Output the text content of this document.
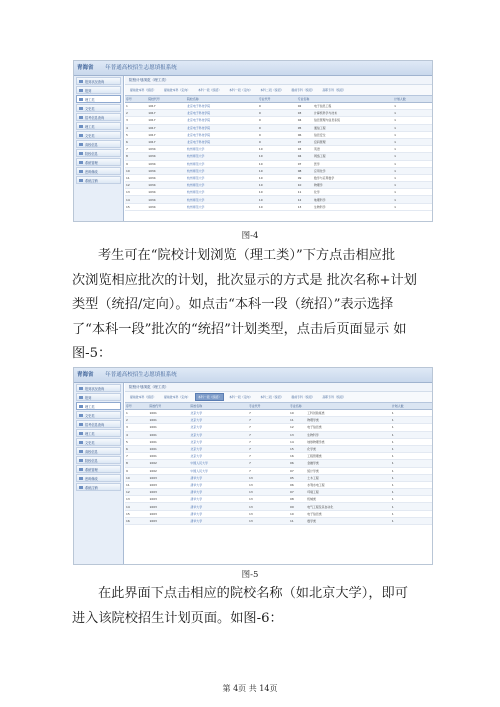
青海省 年普通高校招生志愿填报系统
报到状况查询
报到
理工类
文史类
招考信息查询
理工类
文史类
高校信息
院校信息
系统管理
密码修改
系统注销
院校计划浏览（理工类）
提前批本科（统招）	提前批本科（定向）	本科一段（统招）	本科一段（定向）	本科二段（统招）	提前专科（统招）	高职专科（统招）
序号	院校代号	院校名称	专业代号	专业名称		计划人数
1	1017	北京电子科技学院	9	02	电子信息工程	1
2	1017	北京电子科技学院	9	03	计算机科学与技术	1
3	1017	北京电子科技学院	9	04	信息管理与信息系统	1
4	1017	北京电子科技学院	9	05	通信工程	1
5	1017	北京电子科技学院	9	06	信息安全	1
6	1017	北京电子科技学院	9	07	密码管理	1
7	1034	杭州师范大学	10	03	英语	1
8	1034	杭州师范大学	10	04	网络工程	1
9	1034	杭州师范大学	10	07	医学	1
10	1034	杭州师范大学	10	08	应用化学	1
11	1034	杭州师范大学	10	09	数学与应用数学	1
12	1034	杭州师范大学	10	10	物理学	1
13	1034	杭州师范大学	10	11	化学	1
14	1034	杭州师范大学	10	12	地理科学	1
15	1034	杭州师范大学	10	13	生物科学	1
图-4
考生可在“院校计划浏览（理工类）”下方点击相应批
次浏览相应批次的计划，批次显示的方式是 批次名称+计划
类型（统招/定向）。如点击“本科一段（统招）”表示选择
了“本科一段”批次的“统招”计划类型，点击后页面显示 如
图-5：
青海省 年普通高校招生志愿填报系统
报到状况查询
报到
理工类
文史类
招考信息查询
理工类
文史类
高校信息
院校信息
系统管理
密码修改
系统注销
院校计划浏览（理工类）
提前批本科（统招）	提前批本科（定向）	本科一段（统招）	本科一段（定向）	本科二段（统招）	提前专科（统招）	高职专科（统招）
序号	院校代号	院校名称	专业代号	专业名称		计划人数
1	1001	北京大学	7	10	工科试验班类	1
2	1001	北京大学	7	11	物理学类	1
3	1001	北京大学	7	12	电子信息类	1
4	1001	北京大学	7	13	生物科学	1
5	1001	北京大学	7	14	地球物理学类	1
6	1001	北京大学	7	15	化学类	1
7	1001	北京大学	7	16	工程管理类	1
8	1002	中国人民大学	7	06	金融学类	1
9	1002	中国人民大学	7	07	统计学类	1
10	1003	清华大学	13	05	土木工程	1
11	1003	清华大学	13	06	水利水电工程	1
12	1003	清华大学	13	07	环境工程	1
13	1003	清华大学	13	08	机械类	1
14	1003	清华大学	13	09	电气工程及其自动化	1
15	1003	清华大学	13	10	电子信息类	1
16	1003	清华大学	13	11	数学类	1
图-5
在此界面下点击相应的院校名称（如北京大学），即可
进入该院校招生计划页面。如图-6：
第 4页 共 14页
